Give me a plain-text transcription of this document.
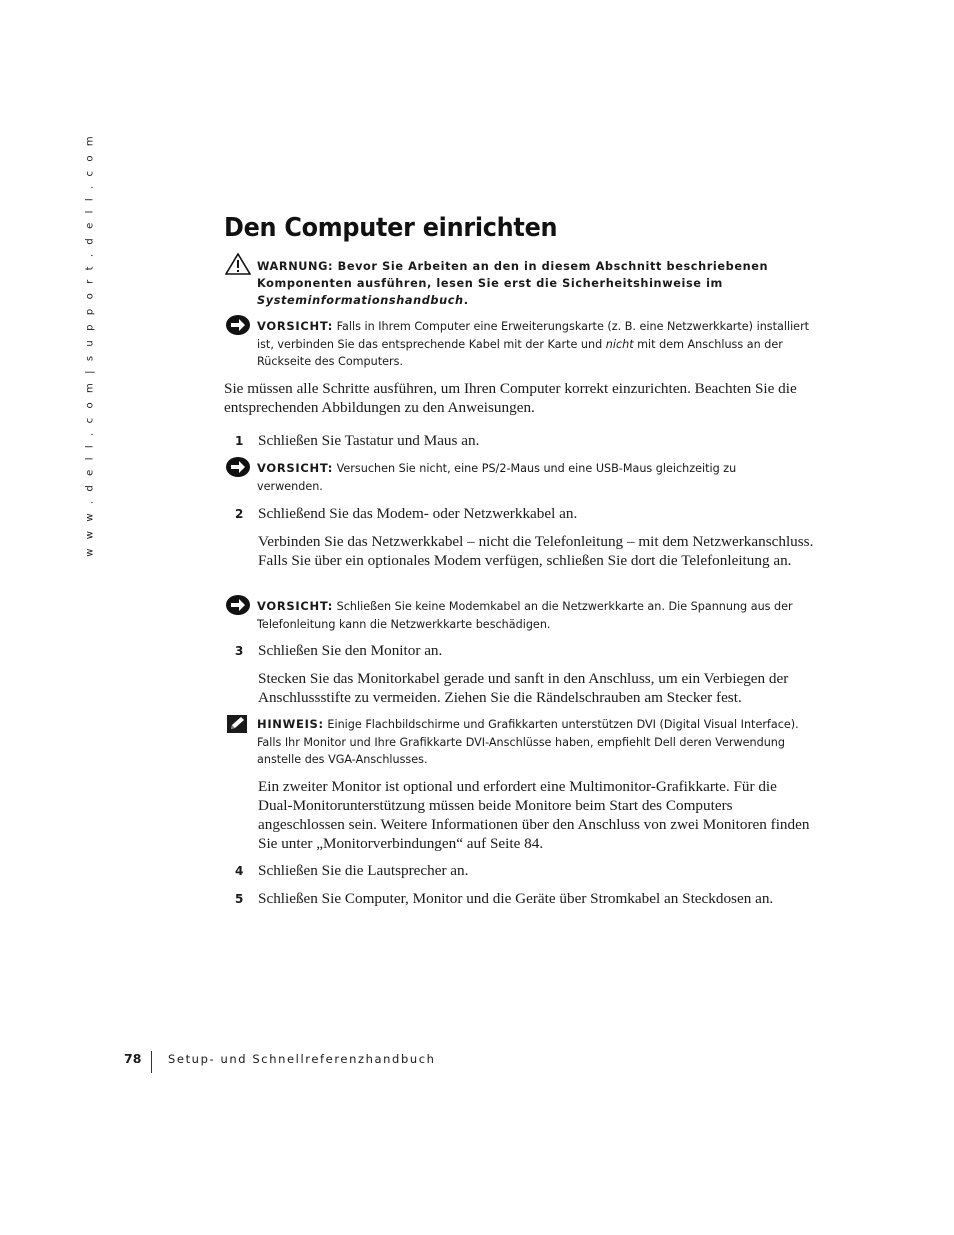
w w w . d e l l . c o m | s u p p o r t . d e l l . c o m	Den Computer einrichten
WARNUNG: Bevor Sie Arbeiten an den in diesem Abschnitt beschriebenen Komponenten ausführen, lesen Sie erst die Sicherheitshinweise im Systeminformationshandbuch.
VORSICHT: Falls in Ihrem Computer eine Erweiterungskarte (z. B. eine Netzwerkkarte) installiert ist, verbinden Sie das entsprechende Kabel mit der Karte und nicht mit dem Anschluss an der Rückseite des Computers.
Sie müssen alle Schritte ausführen, um Ihren Computer korrekt einzurichten. Beachten Sie die entsprechenden Abbildungen zu den Anweisungen.
1 Schließen Sie Tastatur und Maus an.
VORSICHT: Versuchen Sie nicht, eine PS/2-Maus und eine USB-Maus gleichzeitig zu verwenden.
2 Schließend Sie das Modem- oder Netzwerkkabel an.
Verbinden Sie das Netzwerkkabel – nicht die Telefonleitung – mit dem Netzwerkanschluss. Falls Sie über ein optionales Modem verfügen, schließen Sie dort die Telefonleitung an.
VORSICHT: Schließen Sie keine Modemkabel an die Netzwerkkarte an. Die Spannung aus der Telefonleitung kann die Netzwerkkarte beschädigen.
3 Schließen Sie den Monitor an.
Stecken Sie das Monitorkabel gerade und sanft in den Anschluss, um ein Verbiegen der Anschlussstifte zu vermeiden. Ziehen Sie die Rändelschrauben am Stecker fest.
HINWEIS: Einige Flachbildschirme und Grafikkarten unterstützen DVI (Digital Visual Interface). Falls Ihr Monitor und Ihre Grafikkarte DVI-Anschlüsse haben, empfiehlt Dell deren Verwendung anstelle des VGA-Anschlusses.
Ein zweiter Monitor ist optional und erfordert eine Multimonitor-Grafikkarte. Für die Dual-Monitorunterstützung müssen beide Monitore beim Start des Computers angeschlossen sein. Weitere Informationen über den Anschluss von zwei Monitoren finden Sie unter „Monitorverbindungen“ auf Seite 84.
4 Schließen Sie die Lautsprecher an.
5 Schließen Sie Computer, Monitor und die Geräte über Stromkabel an Steckdosen an.
78 Setup- und Schnellreferenzhandbuch
